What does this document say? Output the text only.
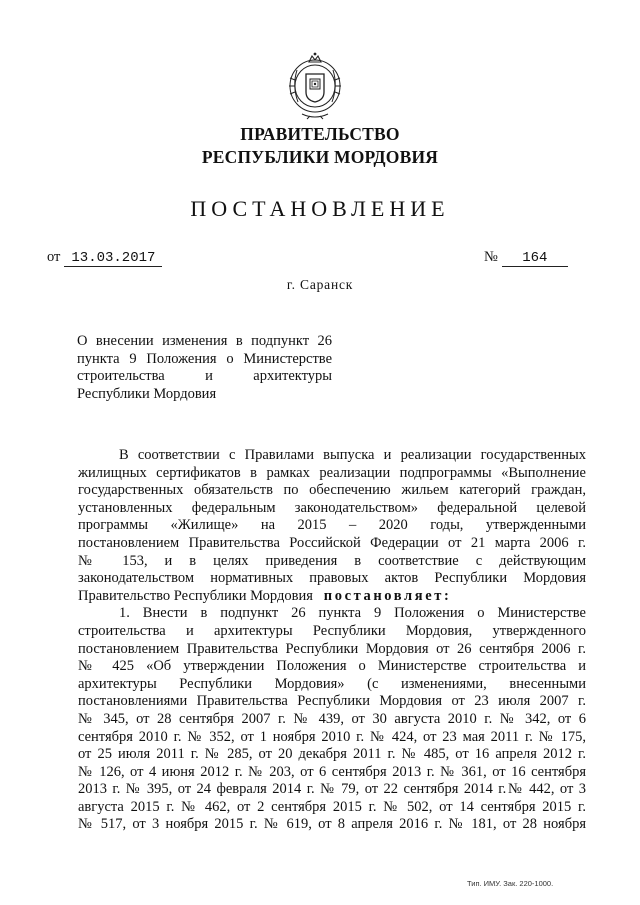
ПРАВИТЕЛЬСТВО
РЕСПУБЛИКИ МОРДОВИЯ
ПОСТАНОВЛЕНИЕ
от 13.03.2017	№ 164
г. Саранск
О внесении изменения в подпункт 26 пункта 9 Положения о Министерстве строительства и архитектуры Республики Мордовия
В соответствии с Правилами выпуска и реализации государственных
жилищных сертификатов в рамках реализации подпрограммы «Выполнение
государственных обязательств по обеспечению жильем категорий граждан,
установленных федеральным законодательством» федеральной целевой
программы «Жилище» на 2015 – 2020 годы, утвержденными
постановлением Правительства Российской Федерации от 21 марта 2006 г.
№ 153, и в целях приведения в соответствие с действующим
законодательством нормативных правовых актов Республики Мордовия
Правительство Республики Мордовия постановляет:
1. Внести в подпункт 26 пункта 9 Положения о Министерстве
строительства и архитектуры Республики Мордовия, утвержденного
постановлением Правительства Республики Мордовия от 26 сентября 2006 г.
№ 425 «Об утверждении Положения о Министерстве строительства и
архитектуры Республики Мордовия» (с изменениями, внесенными
постановлениями Правительства Республики Мордовия от 23 июля 2007 г.
№ 345, от 28 сентября 2007 г. № 439, от 30 августа 2010 г. № 342, от 6
сентября 2010 г. № 352, от 1 ноября 2010 г. № 424, от 23 мая 2011 г. № 175,
от 25 июля 2011 г. № 285, от 20 декабря 2011 г. № 485, от 16 апреля 2012 г.
№ 126, от 4 июня 2012 г. № 203, от 6 сентября 2013 г. № 361, от 16 сентября
2013 г. № 395, от 24 февраля 2014 г. № 79, от 22 сентября 2014 г.№ 442, от 3
августа 2015 г. № 462, от 2 сентября 2015 г. № 502, от 14 сентября 2015 г.
№ 517, от 3 ноября 2015 г. № 619, от 8 апреля 2016 г. № 181, от 28 ноября
Тип. ИМУ. Зак. 220-1000.
